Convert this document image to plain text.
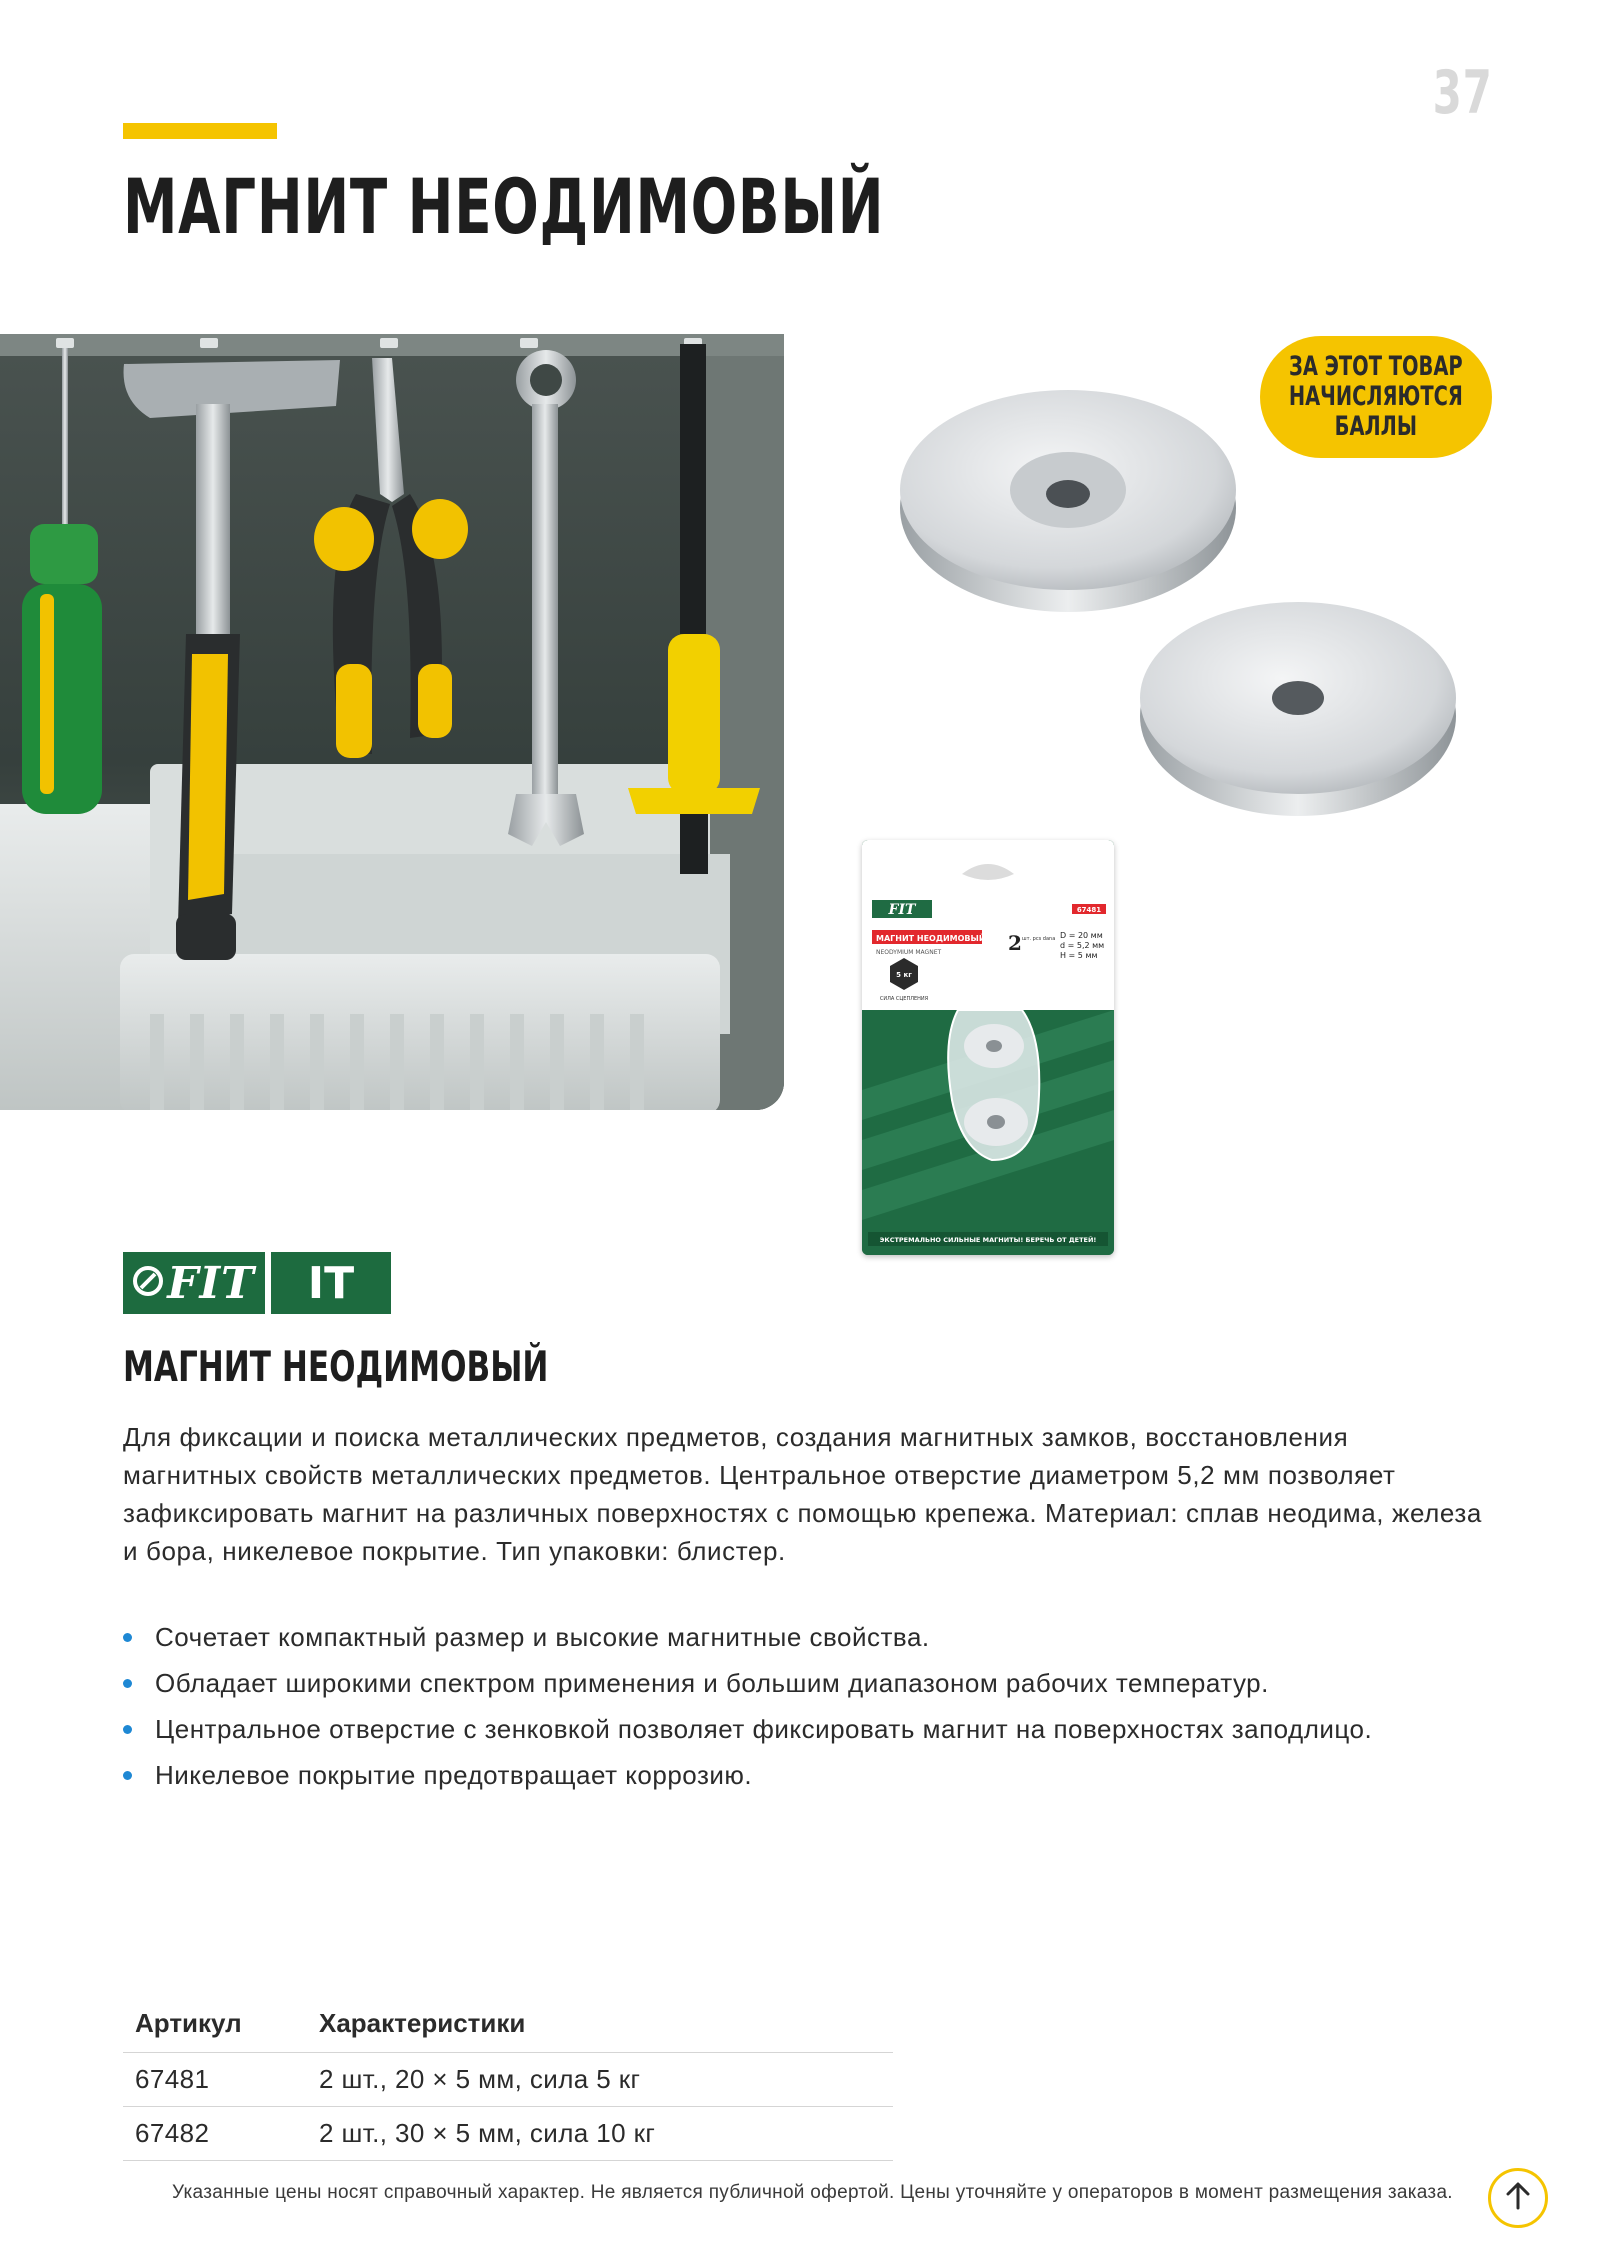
37
МАГНИТ НЕОДИМОВЫЙ
ЗА ЭТОТ ТОВАР
НАЧИСЛЯЮТСЯ
БАЛЛЫ
FIT	67481
МАГНИТ НЕОДИМОВЫЙ
NEODYMIUM MAGNET	2 шт. pcs dana D = 20 мм
d = 5,2 мм
H = 5 мм
5 кг
СИЛА СЦЕПЛЕНИЯ
ЭКСТРЕМАЛЬНО СИЛЬНЫЕ МАГНИТЫ! БЕРЕЧЬ ОТ ДЕТЕЙ!
FIT IT
МАГНИТ НЕОДИМОВЫЙ

Для фиксации и поиска металлических предметов, создания магнитных замков, восстановления магнитных свойств металлических предметов. Центральное отверстие диаметром 5,2 мм позволяет зафиксировать магнит на различных поверхностях с помощью крепежа. Материал: сплав неодима, железа и бора, никелевое покрытие. Тип упаковки: блистер.

Сочетает компактный размер и высокие магнитные свойства.
Обладает широкими спектром применения и большим диапазоном рабочих температур.
Центральное отверстие с зенковкой позволяет фиксировать магнит на поверхностях заподлицо.
Никелевое покрытие предотвращает коррозию.
Артикул	Характеристики
67481	2 шт., 20 × 5 мм, сила 5 кг
67482	2 шт., 30 × 5 мм, сила 10 кг
Указанные цены носят справочный характер. Не является публичной офертой. Цены уточняйте у операторов в момент размещения заказа.
